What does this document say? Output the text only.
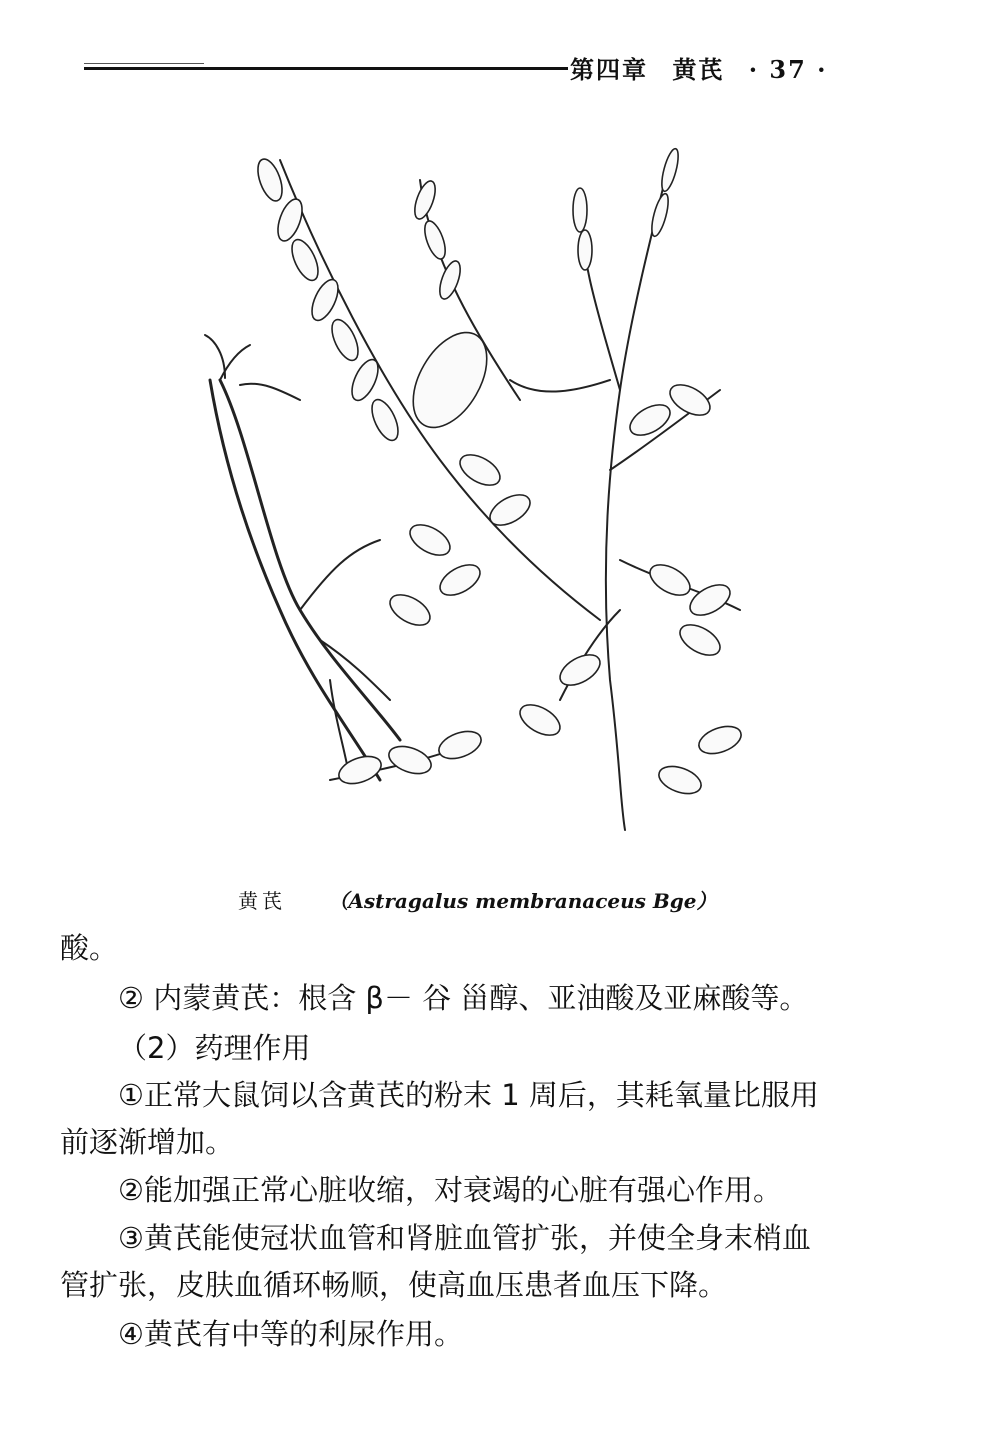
第四章 黄芪 · 37 ·
黄芪 （Astragalus membranaceus Bge）
酸。
② 内蒙黄芪：根含 β－ 谷 甾醇、亚油酸及亚麻酸等。
（2）药理作用
①正常大鼠饲以含黄芪的粉末 1 周后，其耗氧量比服用
前逐渐增加。
②能加强正常心脏收缩，对衰竭的心脏有强心作用。
③黄芪能使冠状血管和肾脏血管扩张，并使全身末梢血
管扩张，皮肤血循环畅顺，使高血压患者血压下降。
④黄芪有中等的利尿作用。
